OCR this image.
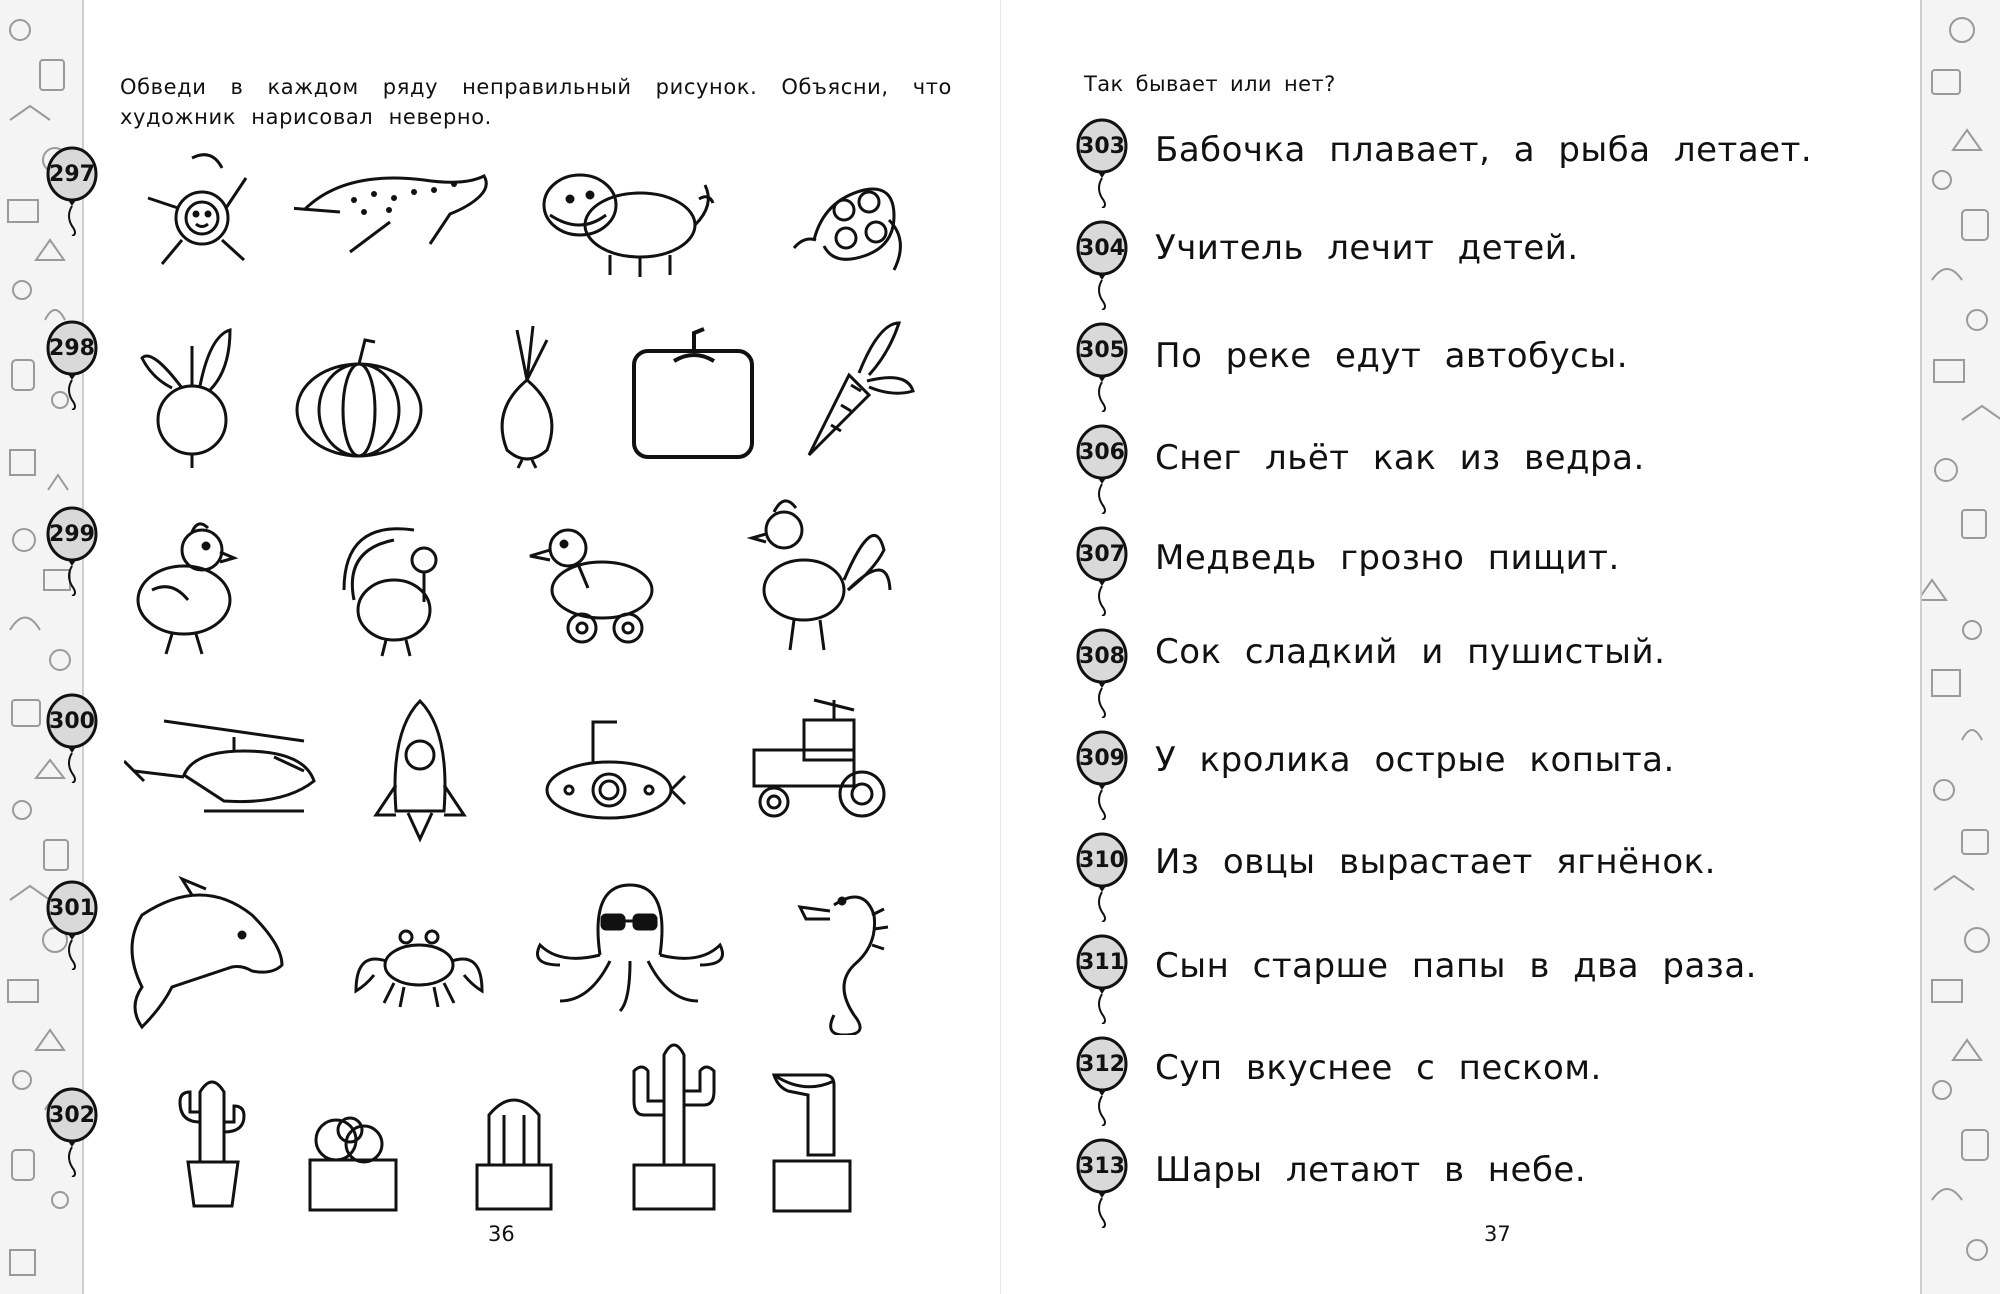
Обведи в каждом ряду неправильный рисунок. Объясни, что художник нарисовал неверно.
297
298
299
300
301
302
36
Так бывает или нет?
303 Бабочка плавает, а рыба летает.
304 Учитель лечит детей.
305 По реке едут автобусы.
306 Снег льёт как из ведра.
307 Медведь грозно пищит.
308 Сок сладкий и пушистый.
309 У кролика острые копыта.
310 Из овцы вырастает ягнёнок.
311 Сын старше папы в два раза.
312 Суп вкуснее с песком.
313 Шары летают в небе.
37
